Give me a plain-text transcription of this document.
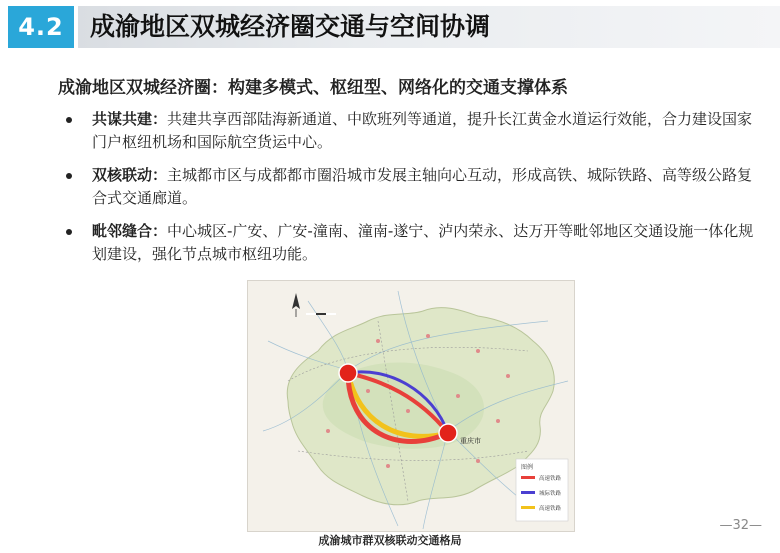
4.2	成渝地区双城经济圈交通与空间协调
成渝地区双城经济圈：构建多模式、枢纽型、网络化的交通支撑体系
共谋共建：共建共享西部陆海新通道、中欧班列等通道，提升长江黄金水道运行效能，合力建设国家门户枢纽机场和国际航空货运中心。
双核联动：主城都市区与成都都市圈沿城市发展主轴向心互动，形成高铁、城际铁路、高等级公路复合式交通廊道。
毗邻缝合：中心城区-广安、广安-潼南、潼南-遂宁、泸内荣永、达万开等毗邻地区交通设施一体化规划建设，强化节点城市枢纽功能。
重庆市
图例
高速铁路
城际铁路
高速铁路
成渝城市群双核联动交通格局
—32—
